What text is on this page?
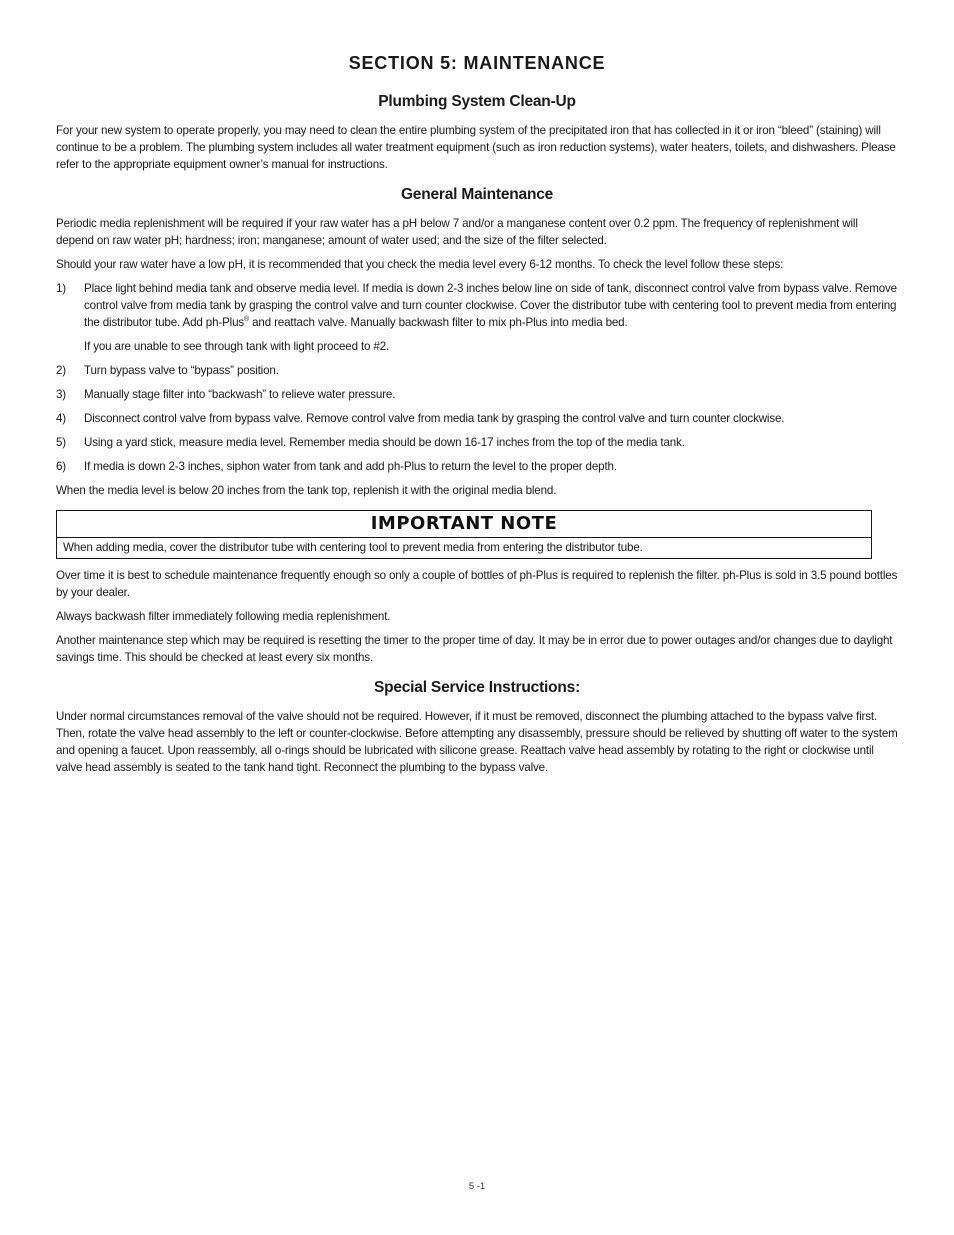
SECTION 5: MAINTENANCE
Plumbing System Clean-Up

For your new system to operate properly, you may need to clean the entire plumbing system of the precipitated iron that has collected in it or iron “bleed” (staining) will continue to be a problem. The plumbing system includes all water treatment equipment (such as iron reduction systems), water heaters, toilets, and dishwashers. Please refer to the appropriate equipment owner’s manual for instructions.

General Maintenance

Periodic media replenishment will be required if your raw water has a pH below 7 and/or a manganese content over 0.2 ppm. The frequency of replenishment will depend on raw water pH; hardness; iron; manganese; amount of water used; and the size of the filter selected.

Should your raw water have a low pH, it is recommended that you check the media level every 6-12 months. To check the level follow these steps:

1)	Place light behind media tank and observe media level. If media is down 2-3 inches below line on side of tank, disconnect control valve from bypass valve. Remove control valve from media tank by grasping the control valve and turn counter clockwise. Cover the distributor tube with centering tool to prevent media from entering the distributor tube. Add ph-Plus® and reattach valve. Manually backwash filter to mix ph-Plus into media bed.
If you are unable to see through tank with light proceed to #2.
2)	Turn bypass valve to “bypass” position.
3)	Manually stage filter into “backwash” to relieve water pressure.
4)	Disconnect control valve from bypass valve. Remove control valve from media tank by grasping the control valve and turn counter clockwise.
5)	Using a yard stick, measure media level. Remember media should be down 16-17 inches from the top of the media tank.
6)	If media is down 2-3 inches, siphon water from tank and add ph-Plus to return the level to the proper depth.

When the media level is below 20 inches from the tank top, replenish it with the original media blend.

IMPORTANT NOTE
When adding media, cover the distributor tube with centering tool to prevent media from entering the distributor tube.

Over time it is best to schedule maintenance frequently enough so only a couple of bottles of ph-Plus is required to replenish the filter. ph-Plus is sold in 3.5 pound bottles by your dealer.

Always backwash filter immediately following media replenishment.

Another maintenance step which may be required is resetting the timer to the proper time of day. It may be in error due to power outages and/or changes due to daylight savings time. This should be checked at least every six months.

Special Service Instructions:

Under normal circumstances removal of the valve should not be required. However, if it must be removed, disconnect the plumbing attached to the bypass valve first. Then, rotate the valve head assembly to the left or counter-clockwise. Before attempting any disassembly, pressure should be relieved by shutting off water to the system and opening a faucet. Upon reassembly, all o-rings should be lubricated with silicone grease. Reattach valve head assembly by rotating to the right or clockwise until valve head assembly is seated to the tank hand tight. Reconnect the plumbing to the bypass valve.

5 -1
